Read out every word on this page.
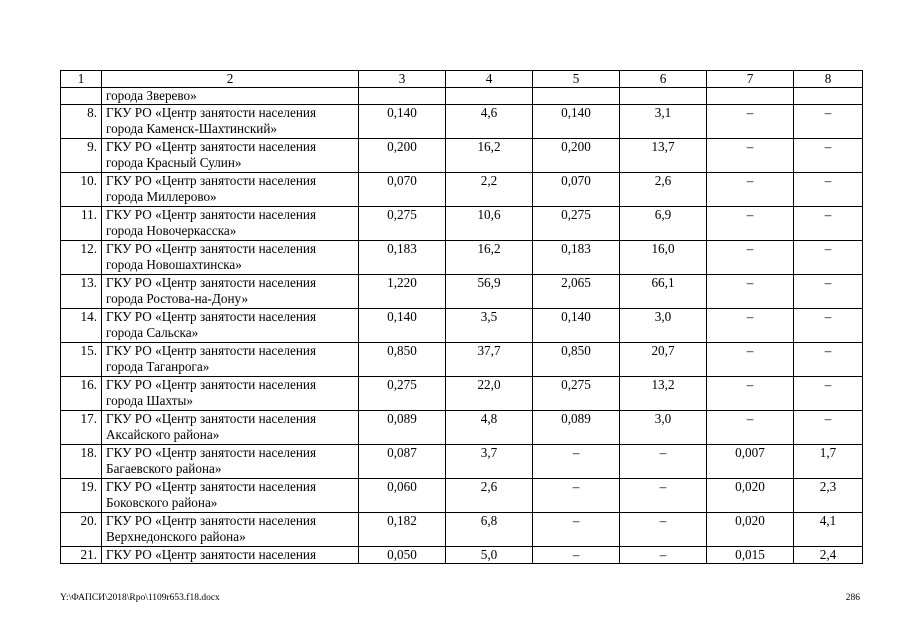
1	2	3	4	5	6	7	8
	города Зверево»						
8.	ГКУ РО «Центр занятости населения
города Каменск-Шахтинский»	0,140	4,6	0,140	3,1	–	–
9.	ГКУ РО «Центр занятости населения
города Красный Сулин»	0,200	16,2	0,200	13,7	–	–
10.	ГКУ РО «Центр занятости населения
города Миллерово»	0,070	2,2	0,070	2,6	–	–
11.	ГКУ РО «Центр занятости населения
города Новочеркасска»	0,275	10,6	0,275	6,9	–	–
12.	ГКУ РО «Центр занятости населения
города Новошахтинска»	0,183	16,2	0,183	16,0	–	–
13.	ГКУ РО «Центр занятости населения
города Ростова-на-Дону»	1,220	56,9	2,065	66,1	–	–
14.	ГКУ РО «Центр занятости населения
города Сальска»	0,140	3,5	0,140	3,0	–	–
15.	ГКУ РО «Центр занятости населения
города Таганрога»	0,850	37,7	0,850	20,7	–	–
16.	ГКУ РО «Центр занятости населения
города Шахты»	0,275	22,0	0,275	13,2	–	–
17.	ГКУ РО «Центр занятости населения
Аксайского района»	0,089	4,8	0,089	3,0	–	–
18.	ГКУ РО «Центр занятости населения
Багаевского района»	0,087	3,7	–	–	0,007	1,7
19.	ГКУ РО «Центр занятости населения
Боковского района»	0,060	2,6	–	–	0,020	2,3
20.	ГКУ РО «Центр занятости населения
Верхнедонского района»	0,182	6,8	–	–	0,020	4,1
21.	ГКУ РО «Центр занятости населения	0,050	5,0	–	–	0,015	2,4
Y:\ФАПСИ\2018\Rpo\1109r653.f18.docx	286
